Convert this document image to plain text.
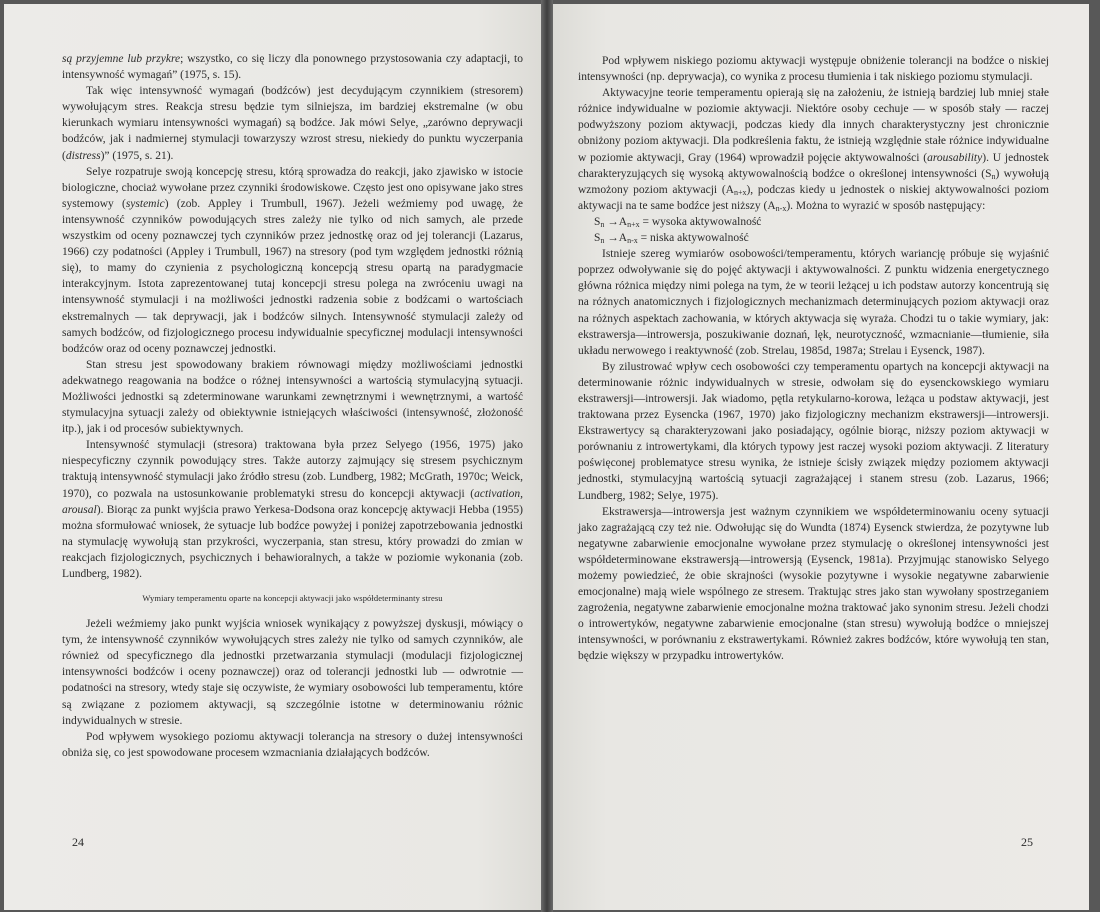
są przyjemne lub przykre; wszystko, co się liczy dla ponownego przystosowania czy adaptacji, to intensywność wymagań” (1975, s. 15).

Tak więc intensywność wymagań (bodźców) jest decydującym czynnikiem (stresorem) wywołującym stres. Reakcja stresu będzie tym silniejsza, im bardziej ekstremalne (w obu kierunkach wymiaru intensywności wymagań) są bodźce. Jak mówi Selye, „zarówno deprywacji bodźców, jak i nadmiernej stymulacji towarzyszy wzrost stresu, niekiedy do punktu wyczerpania (distress)” (1975, s. 21).

Selye rozpatruje swoją koncepcję stresu, którą sprowadza do reakcji, jako zjawisko w istocie biologiczne, chociaż wywołane przez czynniki środowiskowe. Często jest ono opisywane jako stres systemowy (systemic) (zob. Appley i Trumbull, 1967). Jeżeli weźmiemy pod uwagę, że intensywność czynników powodujących stres zależy nie tylko od nich samych, ale przede wszystkim od oceny poznawczej tych czynników przez jednostkę oraz od jej tolerancji (Lazarus, 1966) czy podatności (Appley i Trumbull, 1967) na stresory (pod tym względem jednostki różnią się), to mamy do czynienia z psychologiczną koncepcją stresu opartą na paradygmacie interakcyjnym. Istota zaprezentowanej tutaj koncepcji stresu polega na zwróceniu uwagi na intensywność stymulacji i na możliwości jednostki radzenia sobie z bodźcami o wartościach ekstremalnych — tak deprywacji, jak i bodźców silnych. Intensywność stymulacji zależy od samych bodźców, od fizjologicznego procesu indywidualnie specyficznej modulacji intensywności bodźców oraz od oceny poznawczej jednostki.

Stan stresu jest spowodowany brakiem równowagi między możliwościami jednostki adekwatnego reagowania na bodźce o różnej intensywności a wartością stymulacyjną sytuacji. Możliwości jednostki są zdeterminowane warunkami zewnętrznymi i wewnętrznymi, a wartość stymulacyjna sytuacji zależy od obiektywnie istniejących właściwości (intensywność, złożoność itp.), jak i od procesów subiektywnych.

Intensywność stymulacji (stresora) traktowana była przez Selyego (1956, 1975) jako niespecyficzny czynnik powodujący stres. Także autorzy zajmujący się stresem psychicznym traktują intensywność stymulacji jako źródło stresu (zob. Lundberg, 1982; McGrath, 1970c; Weick, 1970), co pozwala na ustosunkowanie problematyki stresu do koncepcji aktywacji (activation, arousal). Biorąc za punkt wyjścia prawo Yerkesa-Dodsona oraz koncepcję aktywacji Hebba (1955) można sformułować wniosek, że sytuacje lub bodźce powyżej i poniżej zapotrzebowania jednostki na stymulację wywołują stan przykrości, wyczerpania, stan stresu, który prowadzi do zmian w reakcjach fizjologicznych, psychicznych i behawioralnych, a także w poziomie wykonania (zob. Lundberg, 1982).

Wymiary temperamentu oparte na koncepcji aktywacji jako współdeterminanty stresu

Jeżeli weźmiemy jako punkt wyjścia wniosek wynikający z powyższej dyskusji, mówiący o tym, że intensywność czynników wywołujących stres zależy nie tylko od samych czynników, ale również od specyficznego dla jednostki przetwarzania stymulacji (modulacji fizjologicznej intensywności bodźców i oceny poznawczej) oraz od tolerancji jednostki lub — odwrotnie — podatności na stresory, wtedy staje się oczywiste, że wymiary osobowości lub temperamentu, które są związane z poziomem aktywacji, są szczególnie istotne w determinowaniu różnic indywidualnych w stresie.

Pod wpływem wysokiego poziomu aktywacji tolerancja na stresory o dużej intensywności obniża się, co jest spowodowane procesem wzmacniania działających bodźców.

24

Pod wpływem niskiego poziomu aktywacji występuje obniżenie tolerancji na bodźce o niskiej intensywności (np. deprywacja), co wynika z procesu tłumienia i tak niskiego poziomu stymulacji.

Aktywacyjne teorie temperamentu opierają się na założeniu, że istnieją bardziej lub mniej stałe różnice indywidualne w poziomie aktywacji. Niektóre osoby cechuje — w sposób stały — raczej podwyższony poziom aktywacji, podczas kiedy dla innych charakterystyczny jest chronicznie obniżony poziom aktywacji. Dla podkreślenia faktu, że istnieją względnie stałe różnice indywidualne w poziomie aktywacji, Gray (1964) wprowadził pojęcie aktywowalności (arousability). U jednostek charakteryzujących się wysoką aktywowalnością bodźce o określonej intensywności $(S_n)$ wywołują wzmożony poziom aktywacji $(A_{n+x})$, podczas kiedy u jednostek o niskiej aktywowalności poziom aktywacji na te same bodźce jest niższy $(A_{n-x})$. Można to wyrazić w sposób następujący:

$S_n \to A_{n+x}$ = wysoka aktywowalność

$S_n \to A_{n-x}$ = niska aktywowalność

Istnieje szereg wymiarów osobowości/temperamentu, których wariancję próbuje się wyjaśnić poprzez odwoływanie się do pojęć aktywacji i aktywowalności. Z punktu widzenia energetycznego główna różnica między nimi polega na tym, że w teorii leżącej u ich podstaw autorzy koncentrują się na różnych anatomicznych i fizjologicznych mechanizmach determinujących poziom aktywacji oraz na różnych aspektach zachowania, w których aktywacja się wyraża. Chodzi tu o takie wymiary, jak: ekstrawersja—introwersja, poszukiwanie doznań, lęk, neurotyczność, wzmacnianie—tłumienie, siła układu nerwowego i reaktywność (zob. Strelau, 1985d, 1987a; Strelau i Eysenck, 1987).

By zilustrować wpływ cech osobowości czy temperamentu opartych na koncepcji aktywacji na determinowanie różnic indywidualnych w stresie, odwołam się do eysenckowskiego wymiaru ekstrawersji—introwersji. Jak wiadomo, pętla retykularno-korowa, leżąca u podstaw aktywacji, jest traktowana przez Eysencka (1967, 1970) jako fizjologiczny mechanizm ekstrawersji—introwersji. Ekstrawertycy są charakteryzowani jako posiadający, ogólnie biorąc, niższy poziom aktywacji w porównaniu z introwertykami, dla których typowy jest raczej wysoki poziom aktywacji. Z literatury poświęconej problematyce stresu wynika, że istnieje ścisły związek między poziomem aktywacji jednostki, stymulacyjną wartością sytuacji zagrażającej i stanem stresu (zob. Lazarus, 1966; Lundberg, 1982; Selye, 1975).

Ekstrawersja—introwersja jest ważnym czynnikiem we współdeterminowaniu oceny sytuacji jako zagrażającą czy też nie. Odwołując się do Wundta (1874) Eysenck stwierdza, że pozytywne lub negatywne zabarwienie emocjonalne wywołane przez stymulację o określonej intensywności jest współdeterminowane ekstrawersją—introwersją (Eysenck, 1981a). Przyjmując stanowisko Selyego możemy powiedzieć, że obie skrajności (wysokie pozytywne i wysokie negatywne zabarwienie emocjonalne) mają wiele wspólnego ze stresem. Traktując stres jako stan wywołany spostrzeganiem zagrożenia, negatywne zabarwienie emocjonalne można traktować jako synonim stresu. Jeżeli chodzi o introwertyków, negatywne zabarwienie emocjonalne (stan stresu) wywołują bodźce o mniejszej intensywności, w porównaniu z ekstrawertykami. Również zakres bodźców, które wywołują ten stan, będzie większy w przypadku introwertyków.

25
